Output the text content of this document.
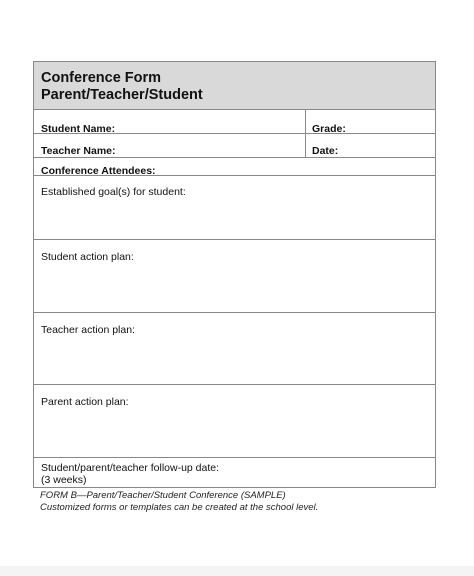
Conference Form
Parent/Teacher/Student
Student Name:	Grade:
Teacher Name:	Date:
Conference Attendees:
Established goal(s) for student:
Student action plan:
Teacher action plan:
Parent action plan:
Student/parent/teacher follow-up date:
(3 weeks)
FORM B—Parent/Teacher/Student Conference (SAMPLE)
Customized forms or templates can be created at the school level.
